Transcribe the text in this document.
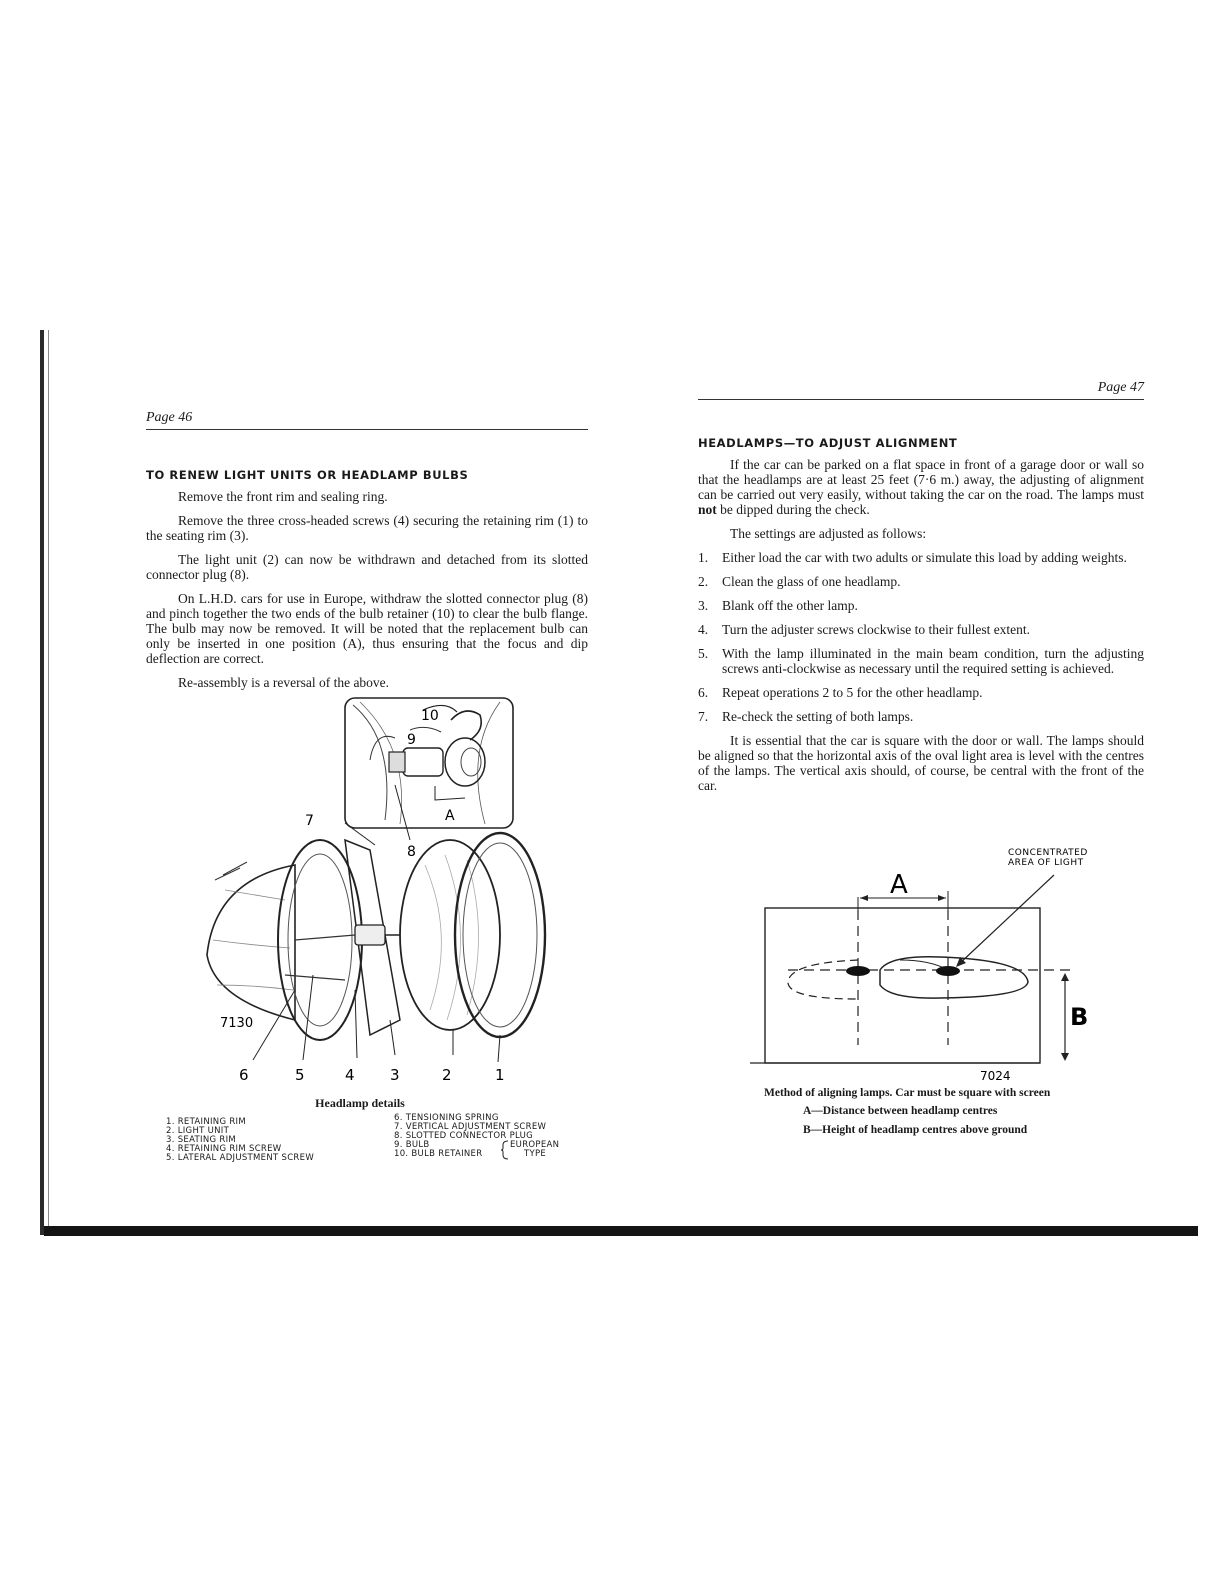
Page 46
TO RENEW LIGHT UNITS OR HEADLAMP BULBS

Remove the front rim and sealing ring.

Remove the three cross-headed screws (4) securing the retaining rim (1) to the seating rim (3).

The light unit (2) can now be withdrawn and detached from its slotted connector plug (8).

On L.H.D. cars for use in Europe, withdraw the slotted connector plug (8) and pinch together the two ends of the bulb retainer (10) to clear the bulb flange. The bulb may now be removed. It will be noted that the replacement bulb can only be inserted in one position (A), thus ensuring that the focus and dip deflection are correct.

Re-assembly is a reversal of the above.

10
9
A
7
8
7130
6	5	4 3	2	1
Headlamp details
1. RETAINING RIM
2. LIGHT UNIT
3. SEATING RIM
4. RETAINING RIM SCREW
5. LATERAL ADJUSTMENT SCREW
6. TENSIONING SPRING
7. VERTICAL ADJUSTMENT SCREW
8. SLOTTED CONNECTOR PLUG
9. BULB
10. BULB RETAINER
EUROPEAN
TYPE
Page 47
HEADLAMPS—TO ADJUST ALIGNMENT

If the car can be parked on a flat space in front of a garage door or wall so that the headlamps are at least 25 feet (7·6 m.) away, the adjusting of alignment can be carried out very easily, without taking the car on the road. The lamps must not be dipped during the check.

The settings are adjusted as follows:

1.	Either load the car with two adults or simulate this load by adding weights.
2.	Clean the glass of one headlamp.
3.	Blank off the other lamp.
4.	Turn the adjuster screws clockwise to their fullest extent.
5.	With the lamp illuminated in the main beam condition, turn the adjusting screws anti-clockwise as necessary until the required setting is achieved.
6.	Repeat operations 2 to 5 for the other headlamp.
7.	Re-check the setting of both lamps.

It is essential that the car is square with the door or wall. The lamps should be aligned so that the horizontal axis of the oval light area is level with the centres of the lamps. The vertical axis should, of course, be central with the front of the car.

CONCENTRATED
AREA OF LIGHT
A
B
7024
Method of aligning lamps. Car must be square with screen
A—Distance between headlamp centres
B—Height of headlamp centres above ground
